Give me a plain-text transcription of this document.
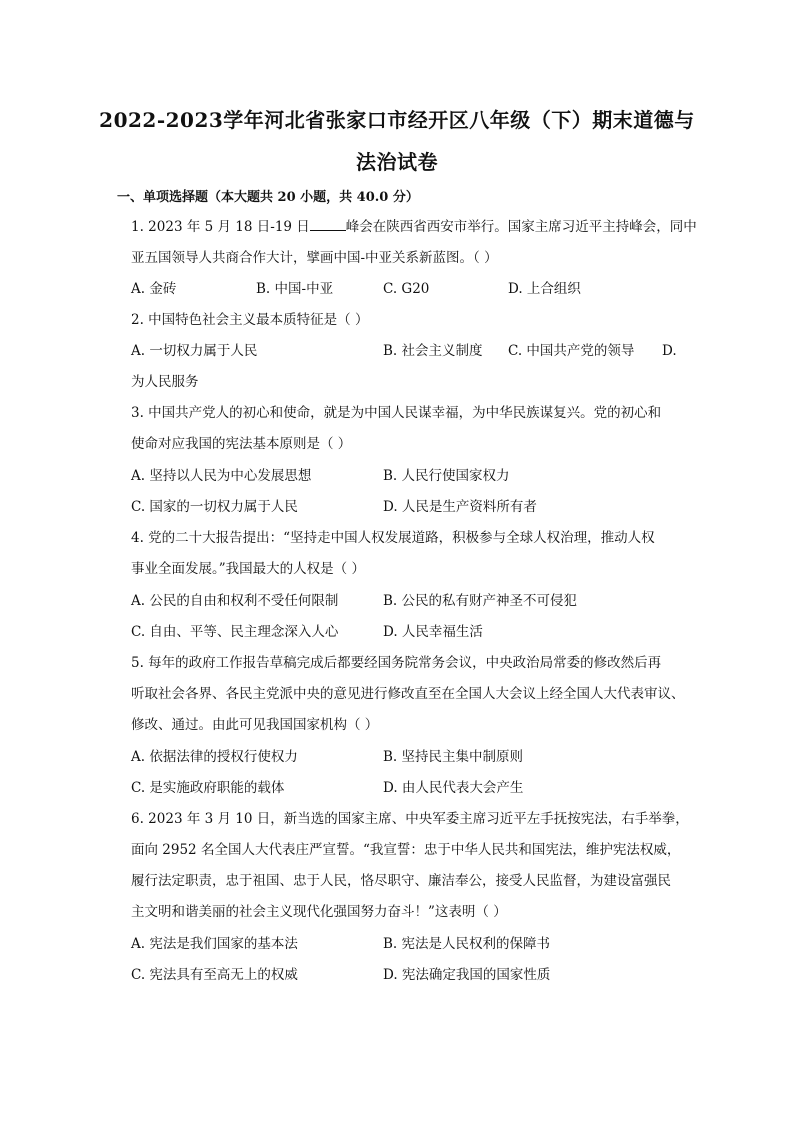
2022-2023学年河北省张家口市经开区八年级（下）期末道德与
法治试卷
一、单项选择题（本大题共 20 小题，共 40.0 分）
1. 2023 年 5 月 18 日-19 日	峰会在陕西省西安市举行。国家主席习近平主持峰会，同中
亚五国领导人共商合作大计，擘画中国-中亚关系新蓝图。（ ）
A. 金砖	B. 中国-中亚	C. G20	D. 上合组织
2. 中国特色社会主义最本质特征是（ ）
A. 一切权力属于人民	B. 社会主义制度 C. 中国共产党的领导 D.
为人民服务
3. 中国共产党人的初心和使命，就是为中国人民谋幸福，为中华民族谋复兴。党的初心和
使命对应我国的宪法基本原则是（ ）
A. 坚持以人民为中心发展思想	B. 人民行使国家权力
C. 国家的一切权力属于人民	D. 人民是生产资料所有者
4. 党的二十大报告提出：“坚持走中国人权发展道路，积极参与全球人权治理，推动人权
事业全面发展。”我国最大的人权是（ ）
A. 公民的自由和权利不受任何限制	B. 公民的私有财产神圣不可侵犯
C. 自由、平等、民主理念深入人心	D. 人民幸福生活
5. 每年的政府工作报告草稿完成后都要经国务院常务会议，中央政治局常委的修改然后再
听取社会各界、各民主党派中央的意见进行修改直至在全国人大会议上经全国人大代表审议、
修改、通过。由此可见我国国家机构（ ）
A. 依据法律的授权行使权力	B. 坚持民主集中制原则
C. 是实施政府职能的载体	D. 由人民代表大会产生
6. 2023 年 3 月 10 日，新当选的国家主席、中央军委主席习近平左手抚按宪法，右手举拳，
面向 2952 名全国人大代表庄严宣誓。“我宣誓：忠于中华人民共和国宪法，维护宪法权威，
履行法定职责，忠于祖国、忠于人民，恪尽职守、廉洁奉公，接受人民监督，为建设富强民
主文明和谐美丽的社会主义现代化强国努力奋斗！”这表明（ ）
A. 宪法是我们国家的基本法	B. 宪法是人民权利的保障书
C. 宪法具有至高无上的权威	D. 宪法确定我国的国家性质
